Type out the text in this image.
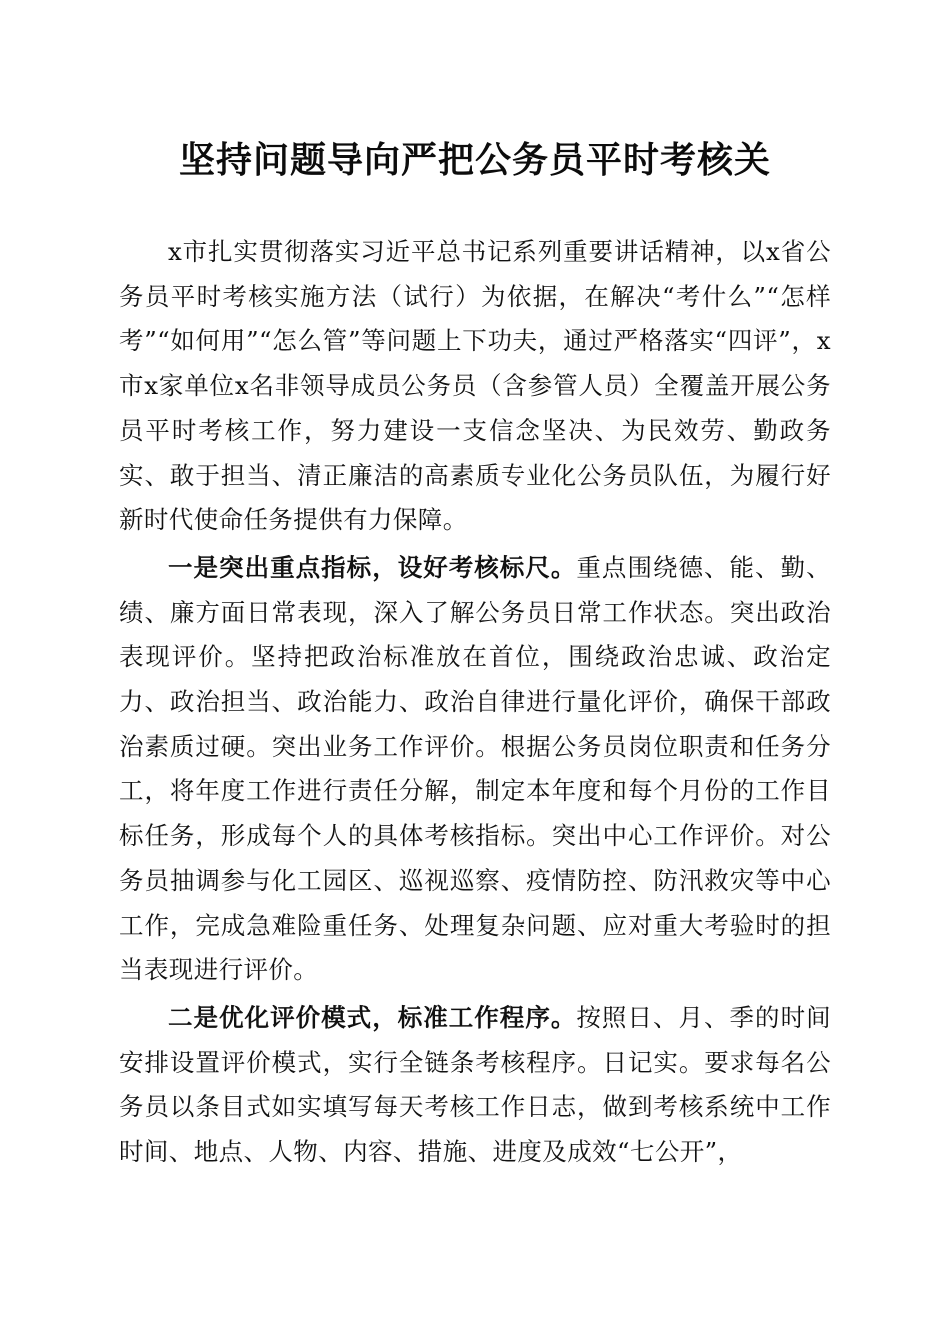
坚持问题导向严把公务员平时考核关

x市扎实贯彻落实习近平总书记系列重要讲话精神，以x省公务员平时考核实施方法（试行）为依据，在解决“考什么”“怎样考”“如何用”“怎么管”等问题上下功夫，通过严格落实“四评”，x市x家单位x名非领导成员公务员（含参管人员）全覆盖开展公务员平时考核工作，努力建设一支信念坚决、为民效劳、勤政务实、敢于担当、清正廉洁的高素质专业化公务员队伍，为履行好新时代使命任务提供有力保障。

一是突出重点指标，设好考核标尺。重点围绕德、能、勤、绩、廉方面日常表现，深入了解公务员日常工作状态。突出政治表现评价。坚持把政治标准放在首位，围绕政治忠诚、政治定力、政治担当、政治能力、政治自律进行量化评价，确保干部政治素质过硬。突出业务工作评价。根据公务员岗位职责和任务分工，将年度工作进行责任分解，制定本年度和每个月份的工作目标任务，形成每个人的具体考核指标。突出中心工作评价。对公务员抽调参与化工园区、巡视巡察、疫情防控、防汛救灾等中心工作，完成急难险重任务、处理复杂问题、应对重大考验时的担当表现进行评价。

二是优化评价模式，标准工作程序。按照日、月、季的时间安排设置评价模式，实行全链条考核程序。日记实。要求每名公务员以条目式如实填写每天考核工作日志，做到考核系统中工作时间、地点、人物、内容、措施、进度及成效“七公开”，
